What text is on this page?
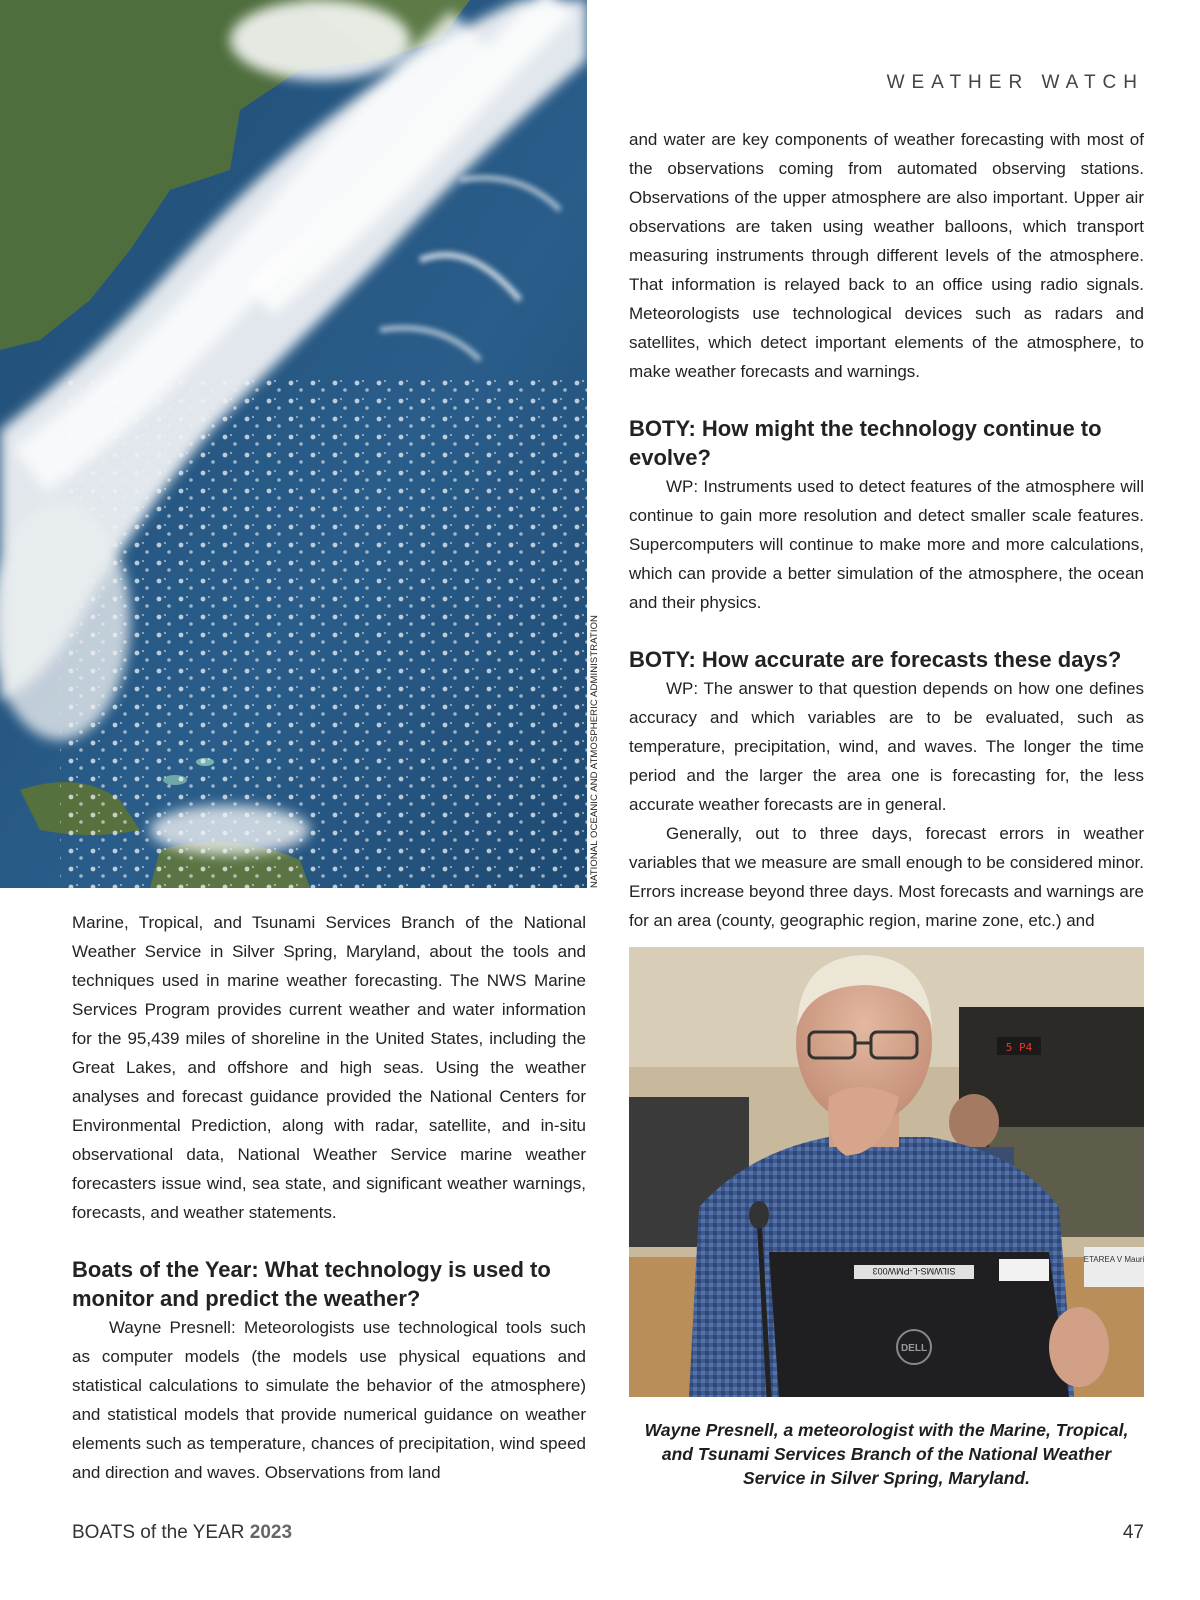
NATIONAL OCEANIC AND ATMOSPHERIC ADMINISTRATION
WEATHER WATCH

Marine, Tropical, and Tsunami Services Branch of the National Weather Service in Silver Spring, Maryland, about the tools and techniques used in marine weather forecasting. The NWS Marine Services Program provides current weather and water information for the 95,439 miles of shoreline in the United States, including the Great Lakes, and offshore and high seas. Using the weather analyses and forecast guidance provided the National Centers for Environmental Prediction, along with radar, satellite, and in-situ observational data, National Weather Service marine weather forecasters issue wind, sea state, and significant weather warnings, forecasts, and weather statements.

Boats of the Year: What technology is used to monitor and predict the weather?

Wayne Presnell: Meteorologists use technological tools such as computer models (the models use physical equations and statistical calculations to simulate the behavior of the atmosphere) and statistical models that provide numerical guidance on weather elements such as temperature, chances of precipitation, wind speed and direction and waves. Observations from land

and water are key components of weather forecasting with most of the observations coming from automated observing stations. Observations of the upper atmosphere are also important. Upper air observations are taken using weather balloons, which transport measuring instruments through different levels of the atmosphere. That information is relayed back to an office using radio signals. Meteorologists use technological devices such as radars and satellites, which detect important elements of the atmosphere, to make weather forecasts and warnings.

BOTY: How might the technology continue to evolve?

WP: Instruments used to detect features of the atmosphere will continue to gain more resolution and detect smaller scale features. Supercomputers will continue to make more and more calculations, which can provide a better simulation of the atmosphere, the ocean and their physics.

BOTY: How accurate are forecasts these days?

WP: The answer to that question depends on how one defines accuracy and which variables are to be evaluated, such as temperature, precipitation, wind, and waves. The longer the time period and the larger the area one is forecasting for, the less accurate weather forecasts are in general.

Generally, out to three days, forecast errors in weather variables that we measure are small enough to be considered minor. Errors increase beyond three days. Most forecasts and warnings are for an area (county, geographic region, marine zone, etc.) and

5 P4
SILWMS-L-PMW003
DELL
ETAREA V Mauri
Wayne Presnell, a meteorologist with the Marine, Tropical, and Tsunami Services Branch of the National Weather Service in Silver Spring, Maryland.
BOATS of the YEAR 2023	47
